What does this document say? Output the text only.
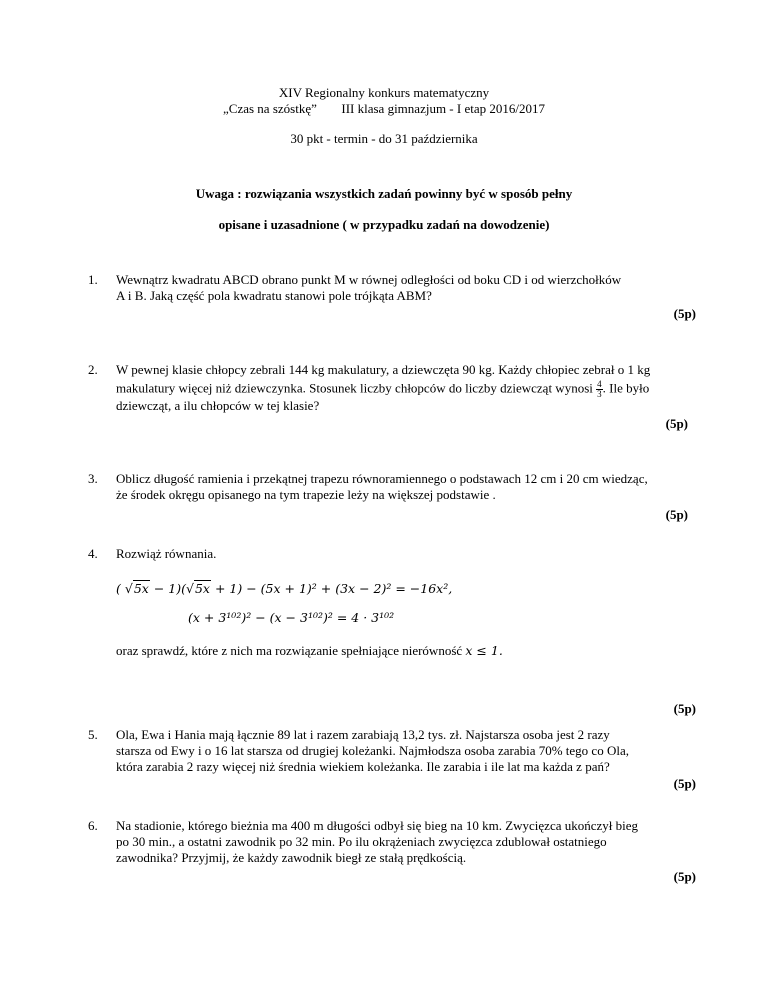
XIV Regionalny konkurs matematyczny
„Czas na szóstkę” III klasa gimnazjum - I etap 2016/2017
30 pkt - termin - do 31 października
Uwaga : rozwiązania wszystkich zadań powinny być w sposób pełny
opisane i uzasadnione ( w przypadku zadań na dowodzenie)
1. Wewnątrz kwadratu ABCD obrano punkt M w równej odległości od boku CD i od wierzchołków
A i B. Jaką część pola kwadratu stanowi pole trójkąta ABM?
(5p)
2. W pewnej klasie chłopcy zebrali 144 kg makulatury, a dziewczęta 90 kg. Każdy chłopiec zebrał o 1 kg
makulatury więcej niż dziewczynka. Stosunek liczby chłopców do liczby dziewcząt wynosi $\frac{4}{3}$ . Ile było
dziewcząt, a ilu chłopców w tej klasie?
(5p)
3. Oblicz długość ramienia i przekątnej trapezu równoramiennego o podstawach 12 cm i 20 cm wiedząc,
że środek okręgu opisanego na tym trapezie leży na większej podstawie .
(5p)
4. Rozwiąż równania.
( √5x − 1)(√5x + 1) − (5x + 1)² + (3x − 2)² = −16x²,
(x + 3¹⁰²)² − (x − 3¹⁰²)² = 4 · 3¹⁰²
oraz sprawdź, które z nich ma rozwiązanie spełniające nierówność x ≤ 1.
(5p)
5. Ola, Ewa i Hania mają łącznie 89 lat i razem zarabiają 13,2 tys. zł. Najstarsza osoba jest 2 razy
starsza od Ewy i o 16 lat starsza od drugiej koleżanki. Najmłodsza osoba zarabia 70% tego co Ola,
która zarabia 2 razy więcej niż średnia wiekiem koleżanka. Ile zarabia i ile lat ma każda z pań?
(5p)
6. Na stadionie, którego bieżnia ma 400 m długości odbył się bieg na 10 km. Zwycięzca ukończył bieg
po 30 min., a ostatni zawodnik po 32 min. Po ilu okrążeniach zwycięzca zdublował ostatniego
zawodnika? Przyjmij, że każdy zawodnik biegł ze stałą prędkością.
(5p)
